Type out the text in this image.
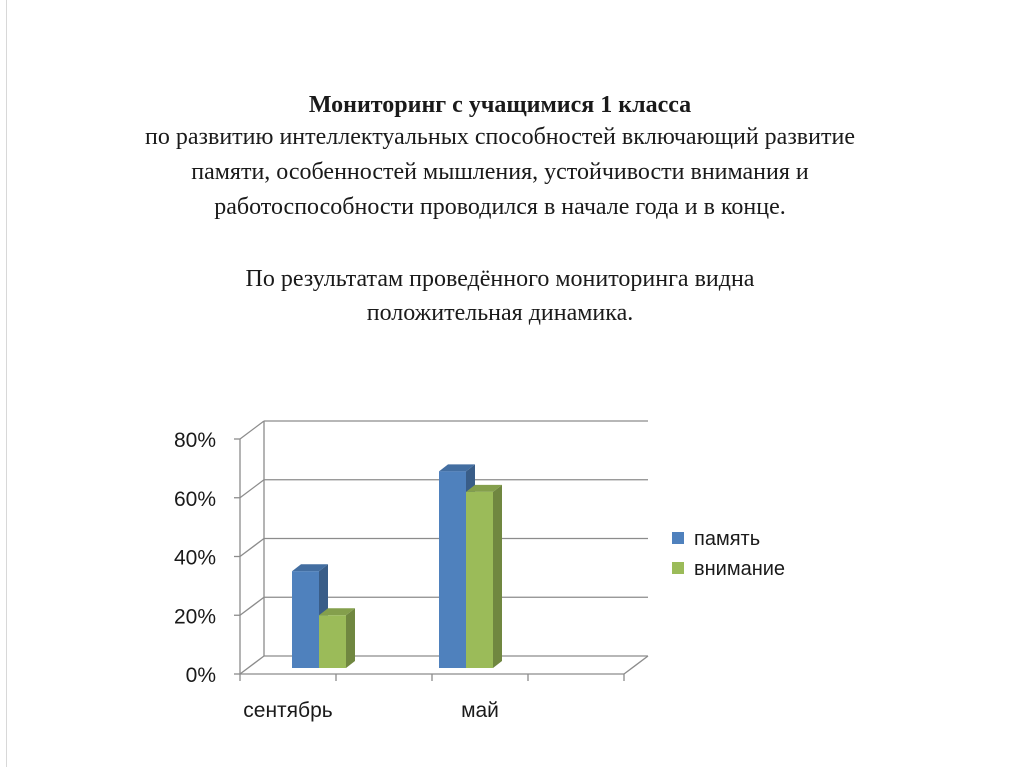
Мониторинг с учащимися 1 класса
по развитию интеллектуальных способностей включающий развитие памяти, особенностей мышления, устойчивости внимания и работоспособности проводился в начале года и в конце.
По результатам проведённого мониторинга видна положительная динамика.
0%
20%
40%
60%
80%
сентябрь	май
память
внимание
